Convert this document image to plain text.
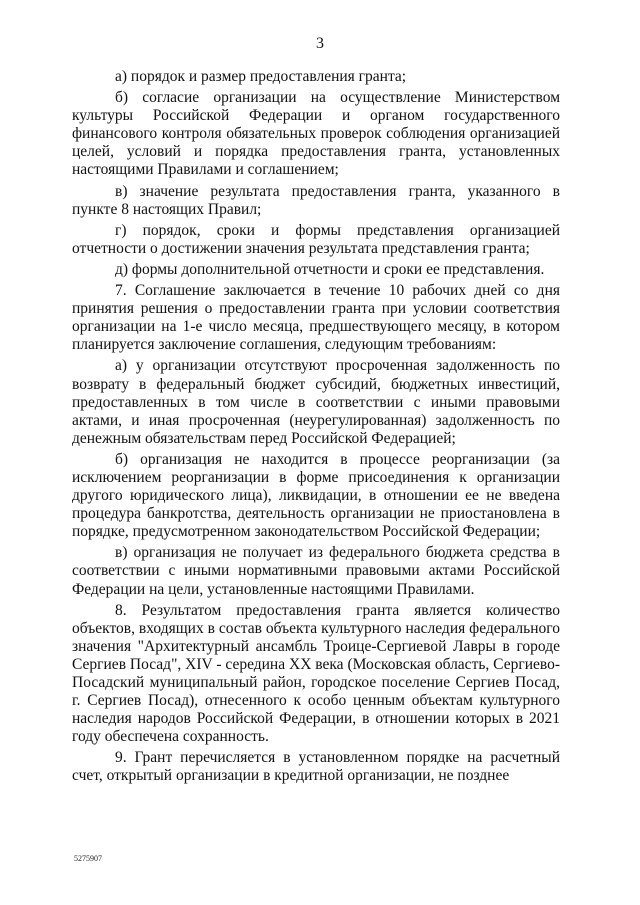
3

а) порядок и размер предоставления гранта;

б) согласие организации на осуществление Министерством культуры Российской Федерации и органом государственного финансового контроля обязательных проверок соблюдения организацией целей, условий и порядка предоставления гранта, установленных настоящими Правилами и соглашением;

в) значение результата предоставления гранта, указанного в пункте 8 настоящих Правил;

г) порядок, сроки и формы представления организацией отчетности о достижении значения результата представления гранта;

д) формы дополнительной отчетности и сроки ее представления.

7. Соглашение заключается в течение 10 рабочих дней со дня принятия решения о предоставлении гранта при условии соответствия организации на 1-е число месяца, предшествующего месяцу, в котором планируется заключение соглашения, следующим требованиям:

а) у организации отсутствуют просроченная задолженность по возврату в федеральный бюджет субсидий, бюджетных инвестиций, предоставленных в том числе в соответствии с иными правовыми актами, и иная просроченная (неурегулированная) задолженность по денежным обязательствам перед Российской Федерацией;

б) организация не находится в процессе реорганизации (за исключением реорганизации в форме присоединения к организации другого юридического лица), ликвидации, в отношении ее не введена процедура банкротства, деятельность организации не приостановлена в порядке, предусмотренном законодательством Российской Федерации;

в) организация не получает из федерального бюджета средства в соответствии с иными нормативными правовыми актами Российской Федерации на цели, установленные настоящими Правилами.

8. Результатом предоставления гранта является количество объектов, входящих в состав объекта культурного наследия федерального значения "Архитектурный ансамбль Троице-Сергиевой Лавры в городе Сергиев Посад", XIV - середина XX века (Московская область, Сергиево-Посадский муниципальный район, городское поселение Сергиев Посад, г. Сергиев Посад), отнесенного к особо ценным объектам культурного наследия народов Российской Федерации, в отношении которых в 2021 году обеспечена сохранность.

9. Грант перечисляется в установленном порядке на расчетный счет, открытый организации в кредитной организации, не позднее

5275907
